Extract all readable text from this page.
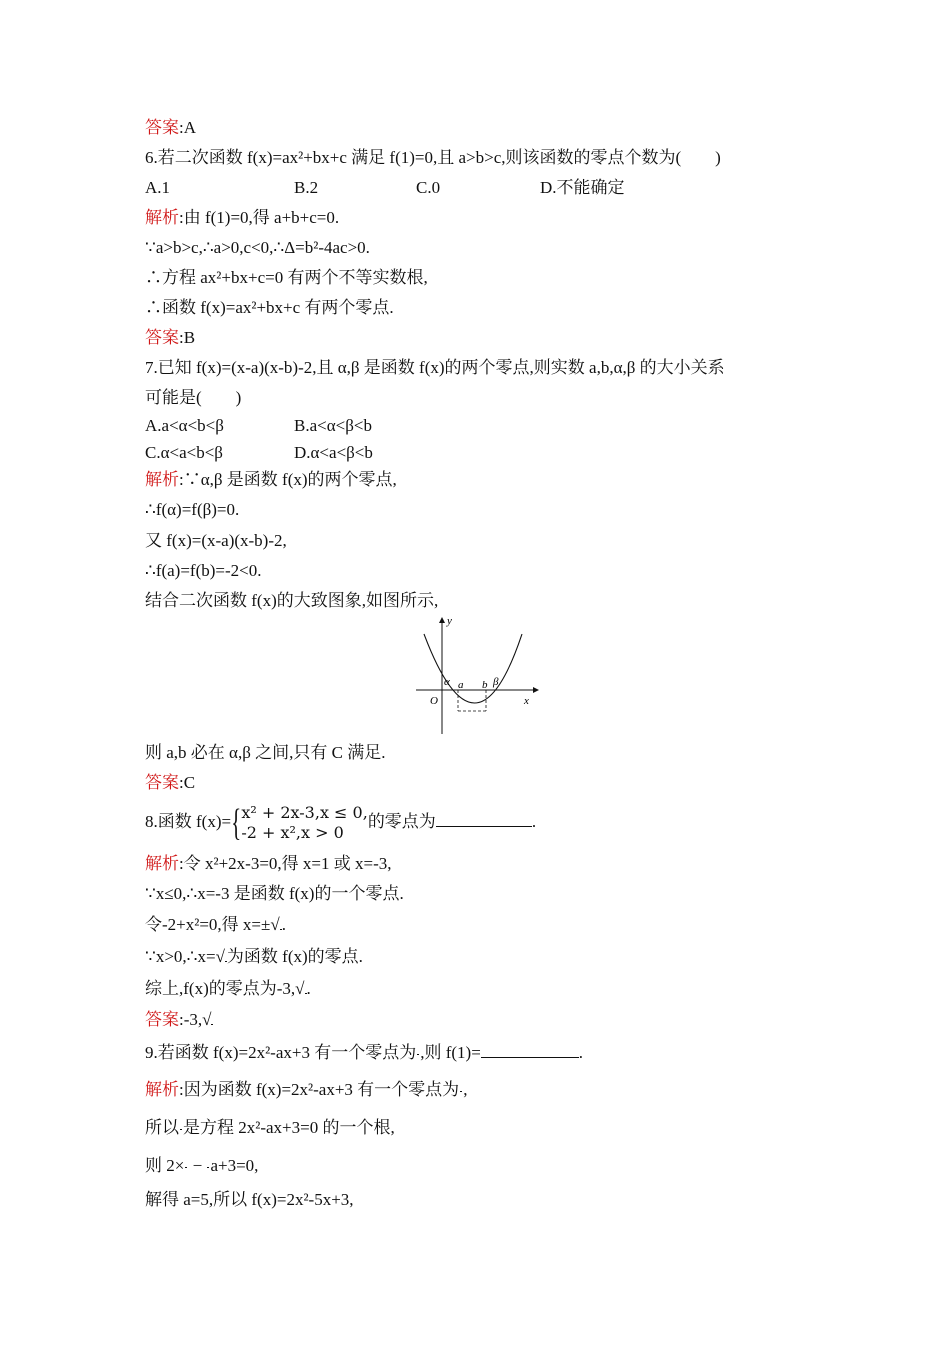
答案:A
6.若二次函数 f(x)=ax²+bx+c 满足 f(1)=0,且 a>b>c,则该函数的零点个数为(　　)
A.1	B.2	C.0	D.不能确定
解析:由 f(1)=0,得 a+b+c=0.
∵a>b>c,∴a>0,c<0,∴Δ=b²-4ac>0.
∴方程 ax²+bx+c=0 有两个不等实数根,
∴函数 f(x)=ax²+bx+c 有两个零点.
答案:B
7.已知 f(x)=(x-a)(x-b)-2,且 α,β 是函数 f(x)的两个零点,则实数 a,b,α,β 的大小关系
可能是(　　)
A.a<α<b<β	B.a<α<β<b
C.α<a<b<β	D.α<a<β<b
解析:∵α,β 是函数 f(x)的两个零点,
∴f(α)=f(β)=0.
又 f(x)=(x-a)(x-b)-2,
∴f(a)=f(b)=-2<0.
结合二次函数 f(x)的大致图象,如图所示,
y
x
O
α a b β
则 a,b 必在 α,β 之间,只有 C 满足.
答案:C
8.函数 f(x)={ x² + 2x-3,x ≤ 0,
-2 + x²,x > 0
的零点为	.
解析:令 x²+2x-3=0,得 x=1 或 x=-3,
∵x≤0,∴x=-3 是函数 f(x)的一个零点.
令-2+x²=0,得 x=±√ .
∵x>0,∴x=√ 为函数 f(x)的零点.
综上,f(x)的零点为-3,√ .
答案:-3,√
9.若函数 f(x)=2x²-ax+3 有一个零点为 ,则 f(1)=	.
解析:因为函数 f(x)=2x²-ax+3 有一个零点为 ,
所以 是方程 2x²-ax+3=0 的一个根,
则 2×
−
a+3=0,
解得 a=5,所以 f(x)=2x²-5x+3,
